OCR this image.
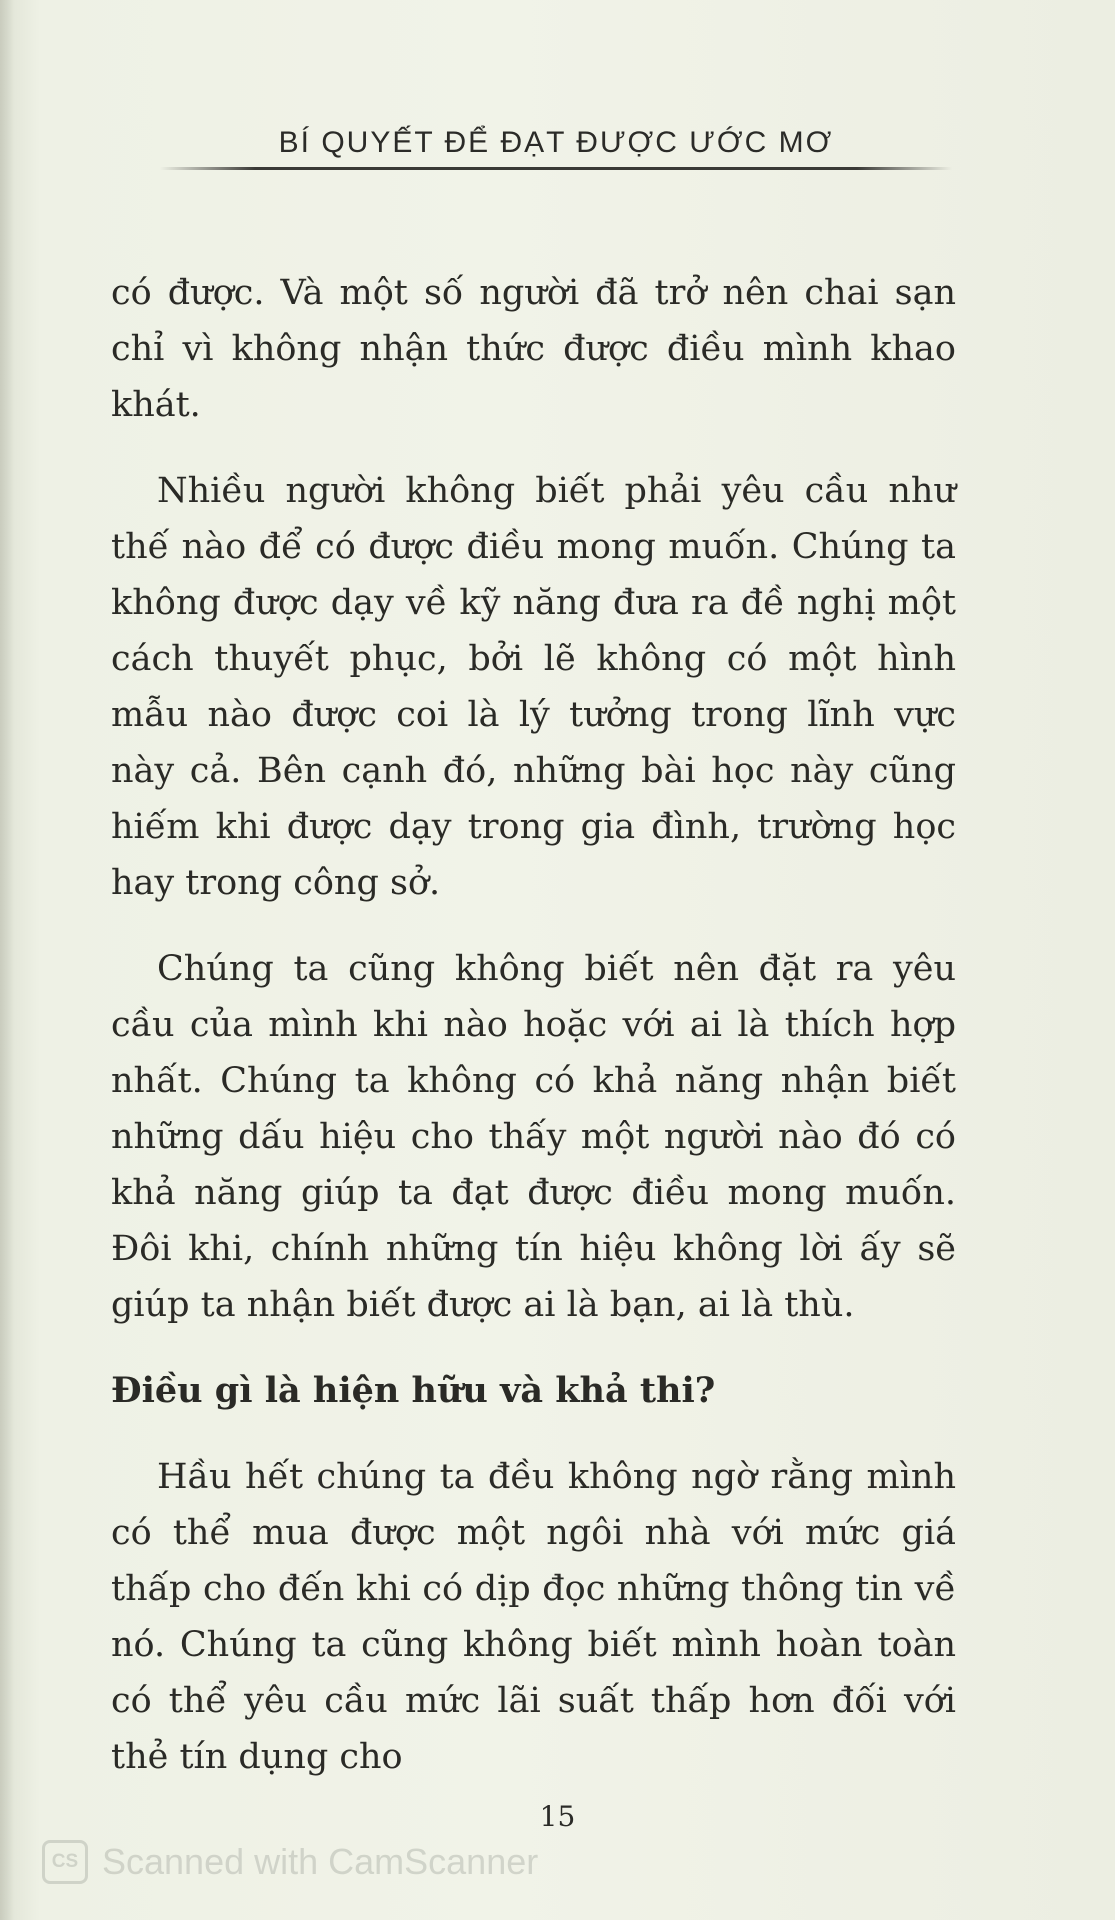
BÍ QUYẾT ĐỂ ĐẠT ĐƯỢC ƯỚC MƠ

có được. Và một số người đã trở nên chai sạn chỉ vì không nhận thức được điều mình khao khát.

Nhiều người không biết phải yêu cầu như thế nào để có được điều mong muốn. Chúng ta không được dạy về kỹ năng đưa ra đề nghị một cách thuyết phục, bởi lẽ không có một hình mẫu nào được coi là lý tưởng trong lĩnh vực này cả. Bên cạnh đó, những bài học này cũng hiếm khi được dạy trong gia đình, trường học hay trong công sở.

Chúng ta cũng không biết nên đặt ra yêu cầu của mình khi nào hoặc với ai là thích hợp nhất. Chúng ta không có khả năng nhận biết những dấu hiệu cho thấy một người nào đó có khả năng giúp ta đạt được điều mong muốn. Đôi khi, chính những tín hiệu không lời ấy sẽ giúp ta nhận biết được ai là bạn, ai là thù.

Điều gì là hiện hữu và khả thi?

Hầu hết chúng ta đều không ngờ rằng mình có thể mua được một ngôi nhà với mức giá thấp cho đến khi có dịp đọc những thông tin về nó. Chúng ta cũng không biết mình hoàn toàn có thể yêu cầu mức lãi suất thấp hơn đối với thẻ tín dụng cho

15
CS Scanned with CamScanner
